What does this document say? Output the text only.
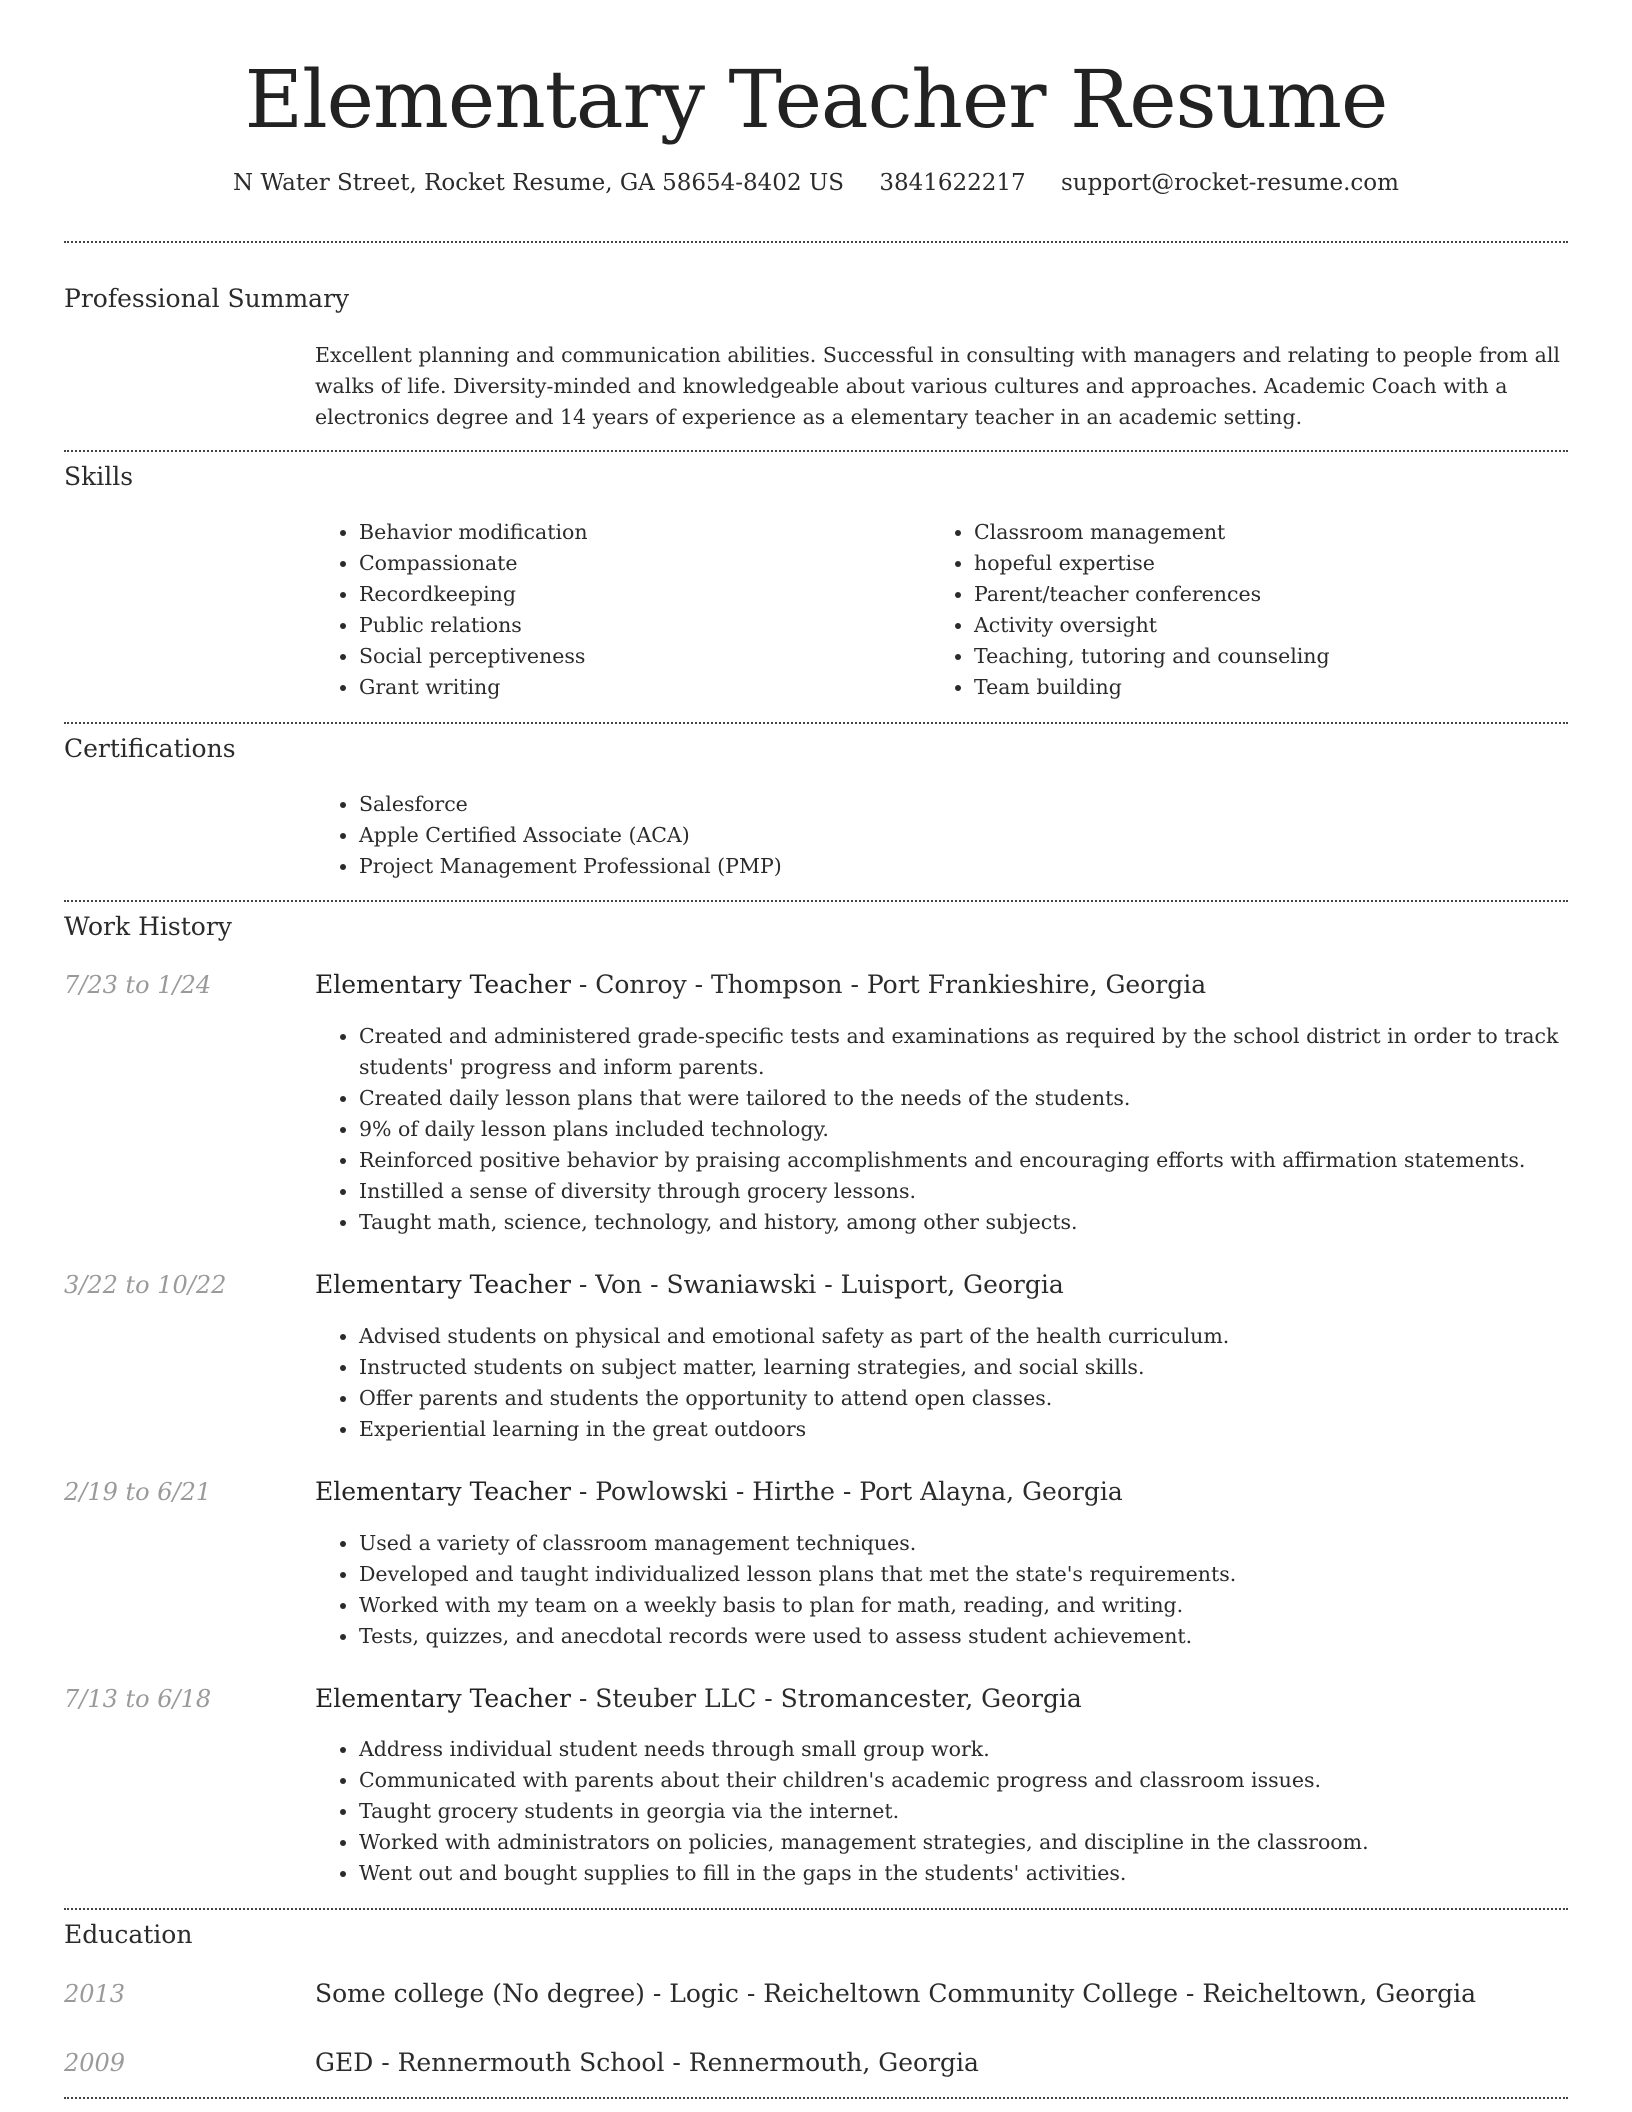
Elementary Teacher Resume
N Water Street, Rocket Resume, GA 58654-8402 US 3841622217 support@rocket-resume.com
Professional Summary

Excellent planning and communication abilities. Successful in consulting with managers and relating to people from all walks of life. Diversity-minded and knowledgeable about various cultures and approaches. Academic Coach with a electronics degree and 14 years of experience as a elementary teacher in an academic setting.

Skills
• Behavior modification
• Compassionate
• Recordkeeping
• Public relations
• Social perceptiveness
• Grant writing
• Classroom management
• hopeful expertise
• Parent/teacher conferences
• Activity oversight
• Teaching, tutoring and counseling
• Team building
Certifications
• Salesforce
• Apple Certified Associate (ACA)
• Project Management Professional (PMP)
Work History
7/23 to 1/24	Elementary Teacher - Conroy - Thompson - Port Frankieshire, Georgia
• Created and administered grade-specific tests and examinations as required by the school district in order to track students' progress and inform parents.
• Created daily lesson plans that were tailored to the needs of the students.
• 9% of daily lesson plans included technology.
• Reinforced positive behavior by praising accomplishments and encouraging efforts with affirmation statements.
• Instilled a sense of diversity through grocery lessons.
• Taught math, science, technology, and history, among other subjects.
3/22 to 10/22	Elementary Teacher - Von - Swaniawski - Luisport, Georgia
• Advised students on physical and emotional safety as part of the health curriculum.
• Instructed students on subject matter, learning strategies, and social skills.
• Offer parents and students the opportunity to attend open classes.
• Experiential learning in the great outdoors
2/19 to 6/21	Elementary Teacher - Powlowski - Hirthe - Port Alayna, Georgia
• Used a variety of classroom management techniques.
• Developed and taught individualized lesson plans that met the state's requirements.
• Worked with my team on a weekly basis to plan for math, reading, and writing.
• Tests, quizzes, and anecdotal records were used to assess student achievement.
7/13 to 6/18	Elementary Teacher - Steuber LLC - Stromancester, Georgia
• Address individual student needs through small group work.
• Communicated with parents about their children's academic progress and classroom issues.
• Taught grocery students in georgia via the internet.
• Worked with administrators on policies, management strategies, and discipline in the classroom.
• Went out and bought supplies to fill in the gaps in the students' activities.
Education
2013	Some college (No degree) - Logic - Reicheltown Community College - Reicheltown, Georgia
2009	GED - Rennermouth School - Rennermouth, Georgia
